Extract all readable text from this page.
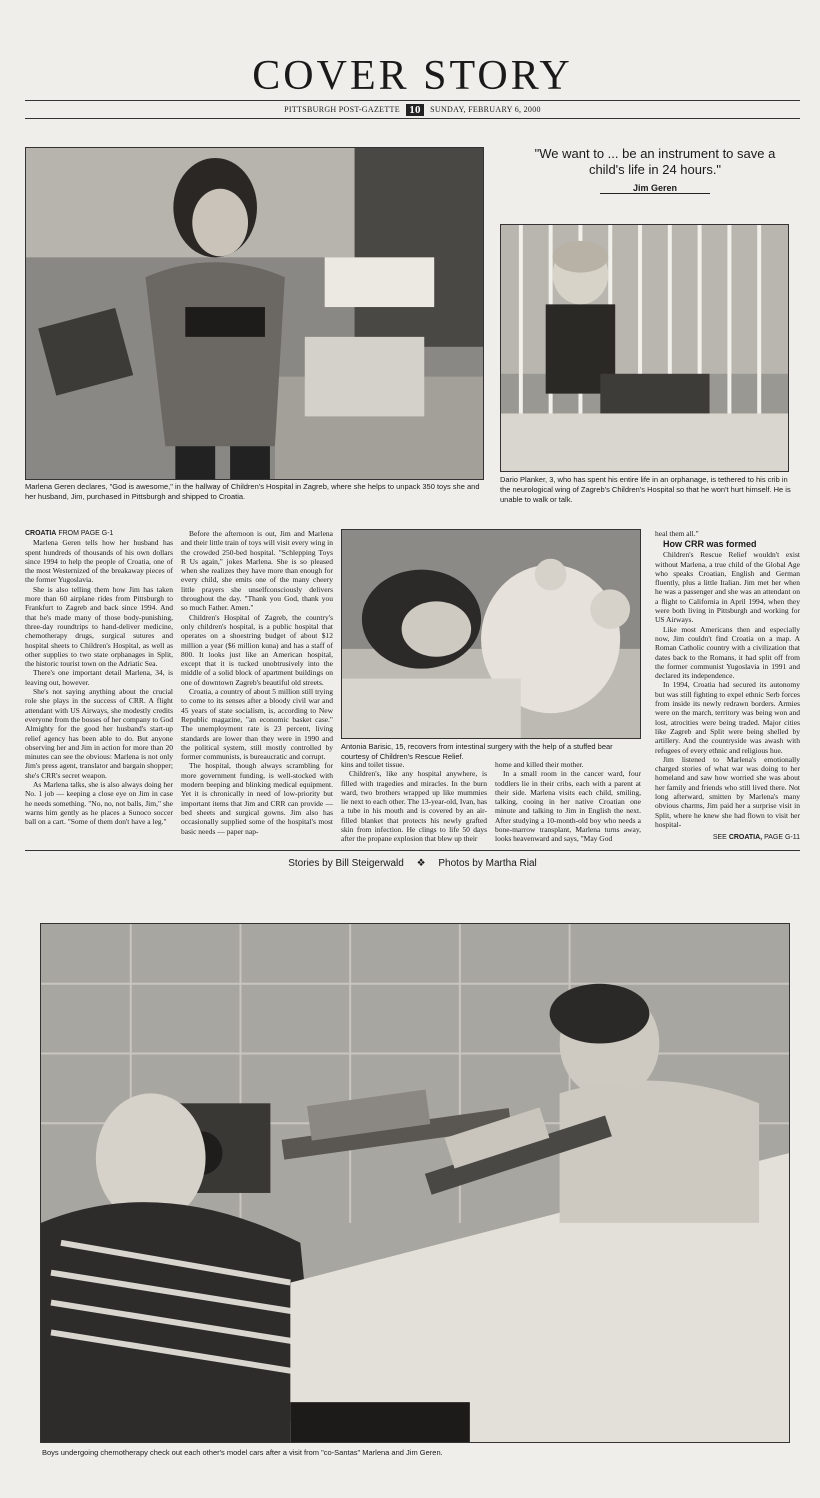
COVER STORY
PITTSBURGH POST-GAZETTE 10 SUNDAY, FEBRUARY 6, 2000
Marlena Geren declares, "God is awesome," in the hallway of Children's Hospital in Zagreb, where she helps to unpack 350 toys she and her husband, Jim, purchased in Pittsburgh and shipped to Croatia.
"We want to ... be an instrument to save a child's life in 24 hours."
Jim Geren
Dario Planker, 3, who has spent his entire life in an orphanage, is tethered to his crib in the neurological wing of Zagreb's Children's Hospital so that he won't hurt himself. He is unable to walk or talk.
Antonia Barisic, 15, recovers from intestinal surgery with the help of a stuffed bear courtesy of Children's Rescue Relief.

CROATIA FROM PAGE G-1

Marlena Geren tells how her husband has spent hundreds of thousands of his own dollars since 1994 to help the people of Croatia, one of the most Westernized of the breakaway pieces of the former Yugoslavia.

She is also telling them how Jim has taken more than 60 airplane rides from Pittsburgh to Frankfurt to Zagreb and back since 1994. And that he's made many of those body-punishing, three-day roundtrips to hand-deliver medicine, chemotherapy drugs, surgical sutures and hospital sheets to Children's Hospital, as well as other supplies to two state orphanages in Split, the historic tourist town on the Adriatic Sea.

There's one important detail Marlena, 34, is leaving out, however.

She's not saying anything about the crucial role she plays in the success of CRR. A flight attendant with US Airways, she modestly credits everyone from the bosses of her company to God Almighty for the good her husband's start-up relief agency has been able to do. But anyone observing her and Jim in action for more than 20 minutes can see the obvious: Marlena is not only Jim's press agent, translator and bargain shopper; she's CRR's secret weapon.

As Marlena talks, she is also always doing her No. 1 job — keeping a close eye on Jim in case he needs something. "No, no, not balls, Jim," she warns him gently as he places a Sunoco soccer ball on a cart. "Some of them don't have a leg."

Before the afternoon is out, Jim and Marlena and their little train of toys will visit every wing in the crowded 250-bed hospital. "Schlepping Toys R Us again," jokes Marlena. She is so pleased when she realizes they have more than enough for every child, she emits one of the many cheery little prayers she unselfconsciously delivers throughout the day. "Thank you God, thank you so much Father. Amen."

Children's Hospital of Zagreb, the country's only children's hospital, is a public hospital that operates on a shoestring budget of about $12 million a year ($6 million kuna) and has a staff of 800. It looks just like an American hospital, except that it is tucked unobtrusively into the middle of a solid block of apartment buildings on one of downtown Zagreb's beautiful old streets.

Croatia, a country of about 5 million still trying to come to its senses after a bloody civil war and 45 years of state socialism, is, according to New Republic magazine, "an economic basket case." The unemployment rate is 23 percent, living standards are lower than they were in 1990 and the political system, still mostly controlled by former communists, is bureaucratic and corrupt.

The hospital, though always scrambling for more government funding, is well-stocked with modern beeping and blinking medical equipment. Yet it is chronically in need of low-priority but important items that Jim and CRR can provide — bed sheets and surgical gowns. Jim also has occasionally supplied some of the hospital's most basic needs — paper nap-

kins and toilet tissue.

Children's, like any hospital anywhere, is filled with tragedies and miracles. In the burn ward, two brothers wrapped up like mummies lie next to each other. The 13-year-old, Ivan, has a tube in his mouth and is covered by an air-filled blanket that protects his newly grafted skin from infection. He clings to life 50 days after the propane explosion that blew up their

home and killed their mother.

In a small room in the cancer ward, four toddlers lie in their cribs, each with a parent at their side. Marlena visits each child, smiling, talking, cooing in her native Croatian one minute and talking to Jim in English the next. After studying a 10-month-old boy who needs a bone-marrow transplant, Marlena turns away, looks heavenward and says, "May God

heal them all."

How CRR was formed

Children's Rescue Relief wouldn't exist without Marlena, a true child of the Global Age who speaks Croatian, English and German fluently, plus a little Italian. Jim met her when he was a passenger and she was an attendant on a flight to California in April 1994, when they were both living in Pittsburgh and working for US Airways.

Like most Americans then and especially now, Jim couldn't find Croatia on a map. A Roman Catholic country with a civilization that dates back to the Romans, it had split off from the former communist Yugoslavia in 1991 and declared its independence.

In 1994, Croatia had secured its autonomy but was still fighting to expel ethnic Serb forces from inside its newly redrawn borders. Armies were on the march, territory was being won and lost, atrocities were being traded. Major cities like Zagreb and Split were being shelled by artillery. And the countryside was awash with refugees of every ethnic and religious hue.

Jim listened to Marlena's emotionally charged stories of what war was doing to her homeland and saw how worried she was about her family and friends who still lived there. Not long afterward, smitten by Marlena's many obvious charms, Jim paid her a surprise visit in Split, where he knew she had flown to visit her hospital-

SEE CROATIA, PAGE G-11
Stories by Bill Steigerwald ❖ Photos by Martha Rial
Boys undergoing chemotherapy check out each other's model cars after a visit from "co-Santas" Marlena and Jim Geren.
